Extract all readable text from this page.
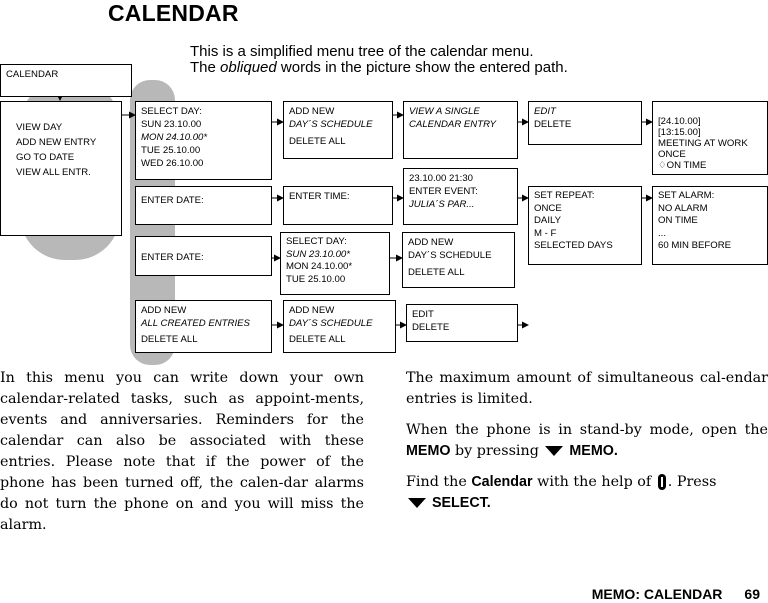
CALENDAR
This is a simplified menu tree of the calendar menu.
The obliqued words in the picture show the entered path.
CALENDAR
VIEW DAY
ADD NEW ENTRY
GO TO DATE
VIEW ALL ENTR.
SELECT DAY:
SUN 23.10.00
MON 24.10.00*
TUE 25.10.00
WED 26.10.00
ENTER DATE:
ENTER DATE:
ADD NEW
ALL CREATED ENTRIES
DELETE ALL
ADD NEW
DAY´S SCHEDULE
DELETE ALL
ENTER TIME:
SELECT DAY:
SUN 23.10.00*
MON 24.10.00*
TUE 25.10.00
ADD NEW
DAY´S SCHEDULE
DELETE ALL
VIEW A SINGLE
CALENDAR ENTRY
23.10.00 21:30
ENTER EVENT:
JULIA´S PAR...
ADD NEW
DAY´S SCHEDULE
DELETE ALL
EDIT
DELETE
EDIT
DELETE
SET REPEAT:
ONCE
DAILY
M - F
SELECTED DAYS
[24.10.00]
[13:15.00]
MEETING AT WORK
ONCE
♢ON TIME
SET ALARM:
NO ALARM
ON TIME
...
60 MIN BEFORE

In this menu you can write down your own calendar-related tasks, such as appoint-ments, events and anniversaries. Reminders for the calendar can also be associated with these entries. Please note that if the power of the phone has been turned off, the calen-dar alarms do not turn the phone on and you will miss the alarm.

The maximum amount of simultaneous cal-endar entries is limited.

When the phone is in stand-by mode, open the MEMO by pressing  MEMO.

Find the Calendar with the help of . Press
SELECT.

MEMO: CALENDAR 69
